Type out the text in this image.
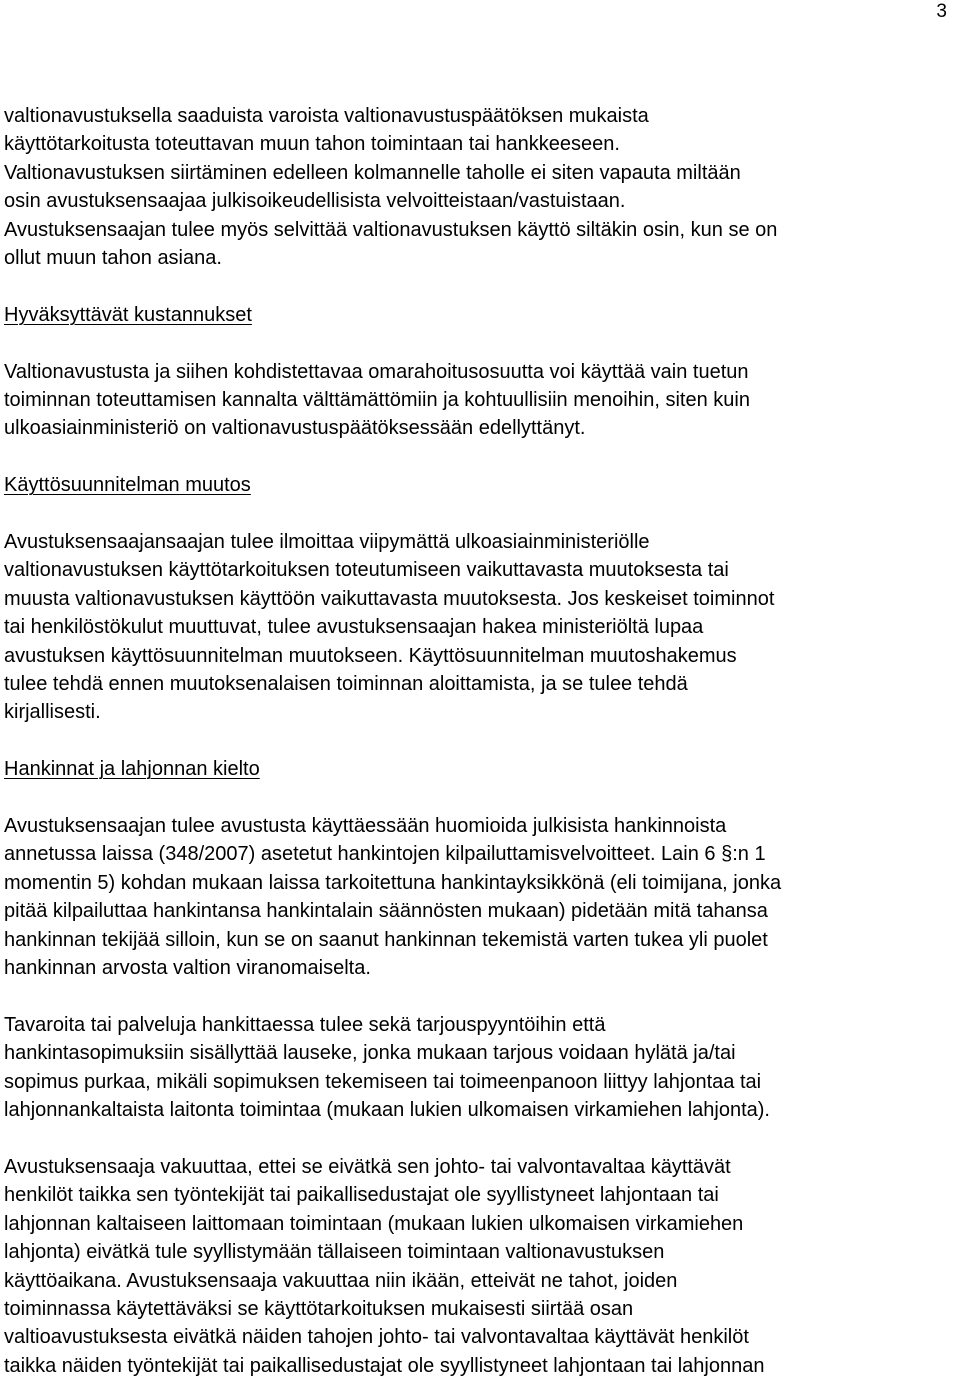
3

valtionavustuksella saaduista varoista valtionavustuspäätöksen mukaista
käyttötarkoitusta toteuttavan muun tahon toimintaan tai hankkeeseen.
Valtionavustuksen siirtäminen edelleen kolmannelle taholle ei siten vapauta miltään
osin avustuksensaajaa julkisoikeudellisista velvoitteistaan/vastuistaan.
Avustuksensaajan tulee myös selvittää valtionavustuksen käyttö siltäkin osin, kun se on
ollut muun tahon asiana.

Hyväksyttävät kustannukset

Valtionavustusta ja siihen kohdistettavaa omarahoitusosuutta voi käyttää vain tuetun
toiminnan toteuttamisen kannalta välttämättömiin ja kohtuullisiin menoihin, siten kuin
ulkoasiainministeriö on valtionavustuspäätöksessään edellyttänyt.

Käyttösuunnitelman muutos

Avustuksensaajansaajan tulee ilmoittaa viipymättä ulkoasiainministeriölle
valtionavustuksen käyttötarkoituksen toteutumiseen vaikuttavasta muutoksesta tai
muusta valtionavustuksen käyttöön vaikuttavasta muutoksesta. Jos keskeiset toiminnot
tai henkilöstökulut muuttuvat, tulee avustuksensaajan hakea ministeriöltä lupaa
avustuksen käyttösuunnitelman muutokseen. Käyttösuunnitelman muutoshakemus
tulee tehdä ennen muutoksenalaisen toiminnan aloittamista, ja se tulee tehdä
kirjallisesti.

Hankinnat ja lahjonnan kielto

Avustuksensaajan tulee avustusta käyttäessään huomioida julkisista hankinnoista
annetussa laissa (348/2007) asetetut hankintojen kilpailuttamisvelvoitteet. Lain 6 §:n 1
momentin 5) kohdan mukaan laissa tarkoitettuna hankintayksikkönä (eli toimijana, jonka
pitää kilpailuttaa hankintansa hankintalain säännösten mukaan) pidetään mitä tahansa
hankinnan tekijää silloin, kun se on saanut hankinnan tekemistä varten tukea yli puolet
hankinnan arvosta valtion viranomaiselta.

Tavaroita tai palveluja hankittaessa tulee sekä tarjouspyyntöihin että
hankintasopimuksiin sisällyttää lauseke, jonka mukaan tarjous voidaan hylätä ja/tai
sopimus purkaa, mikäli sopimuksen tekemiseen tai toimeenpanoon liittyy lahjontaa tai
lahjonnankaltaista laitonta toimintaa (mukaan lukien ulkomaisen virkamiehen lahjonta).

Avustuksensaaja vakuuttaa, ettei se eivätkä sen johto- tai valvontavaltaa käyttävät
henkilöt taikka sen työntekijät tai paikallisedustajat ole syyllistyneet lahjontaan tai
lahjonnan kaltaiseen laittomaan toimintaan (mukaan lukien ulkomaisen virkamiehen
lahjonta) eivätkä tule syyllistymään tällaiseen toimintaan valtionavustuksen
käyttöaikana. Avustuksensaaja vakuuttaa niin ikään, etteivät ne tahot, joiden
toiminnassa käytettäväksi se käyttötarkoituksen mukaisesti siirtää osan
valtioavustuksesta eivätkä näiden tahojen johto- tai valvontavaltaa käyttävät henkilöt
taikka näiden työntekijät tai paikallisedustajat ole syyllistyneet lahjontaan tai lahjonnan
